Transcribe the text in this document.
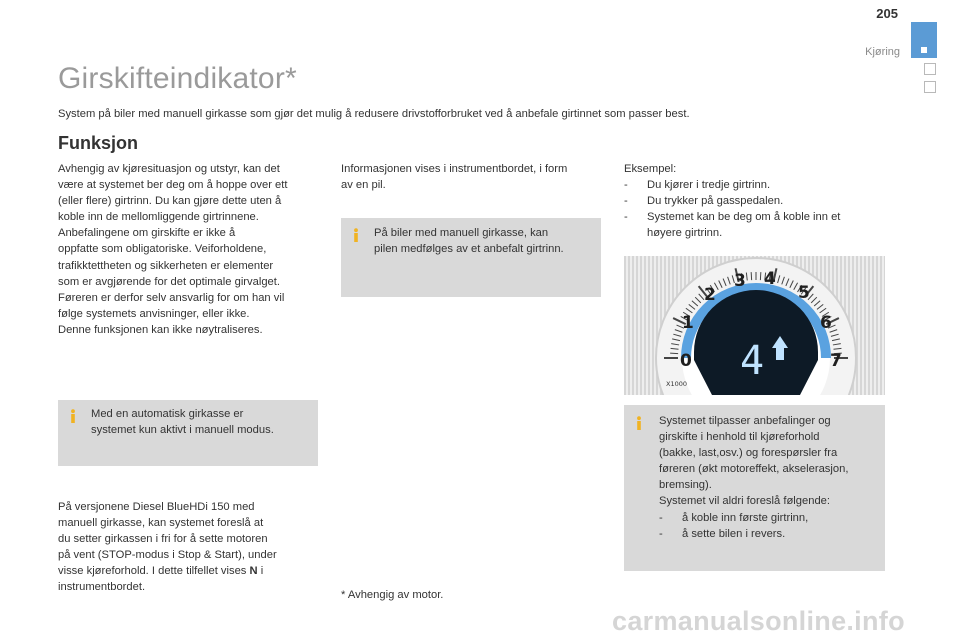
205
Kjøring
Girskifteindikator*
System på biler med manuell girkasse som gjør det mulig å redusere drivstofforbruket ved å anbefale girtinnet som passer best.
Funksjon

Avhengig av kjøresituasjon og utstyr, kan det

være at systemet ber deg om å hoppe over ett

(eller flere) girtrinn. Du kan gjøre dette uten å

koble inn de mellomliggende girtrinnene.

Anbefalingene om girskifte er ikke å

oppfatte som obligatoriske. Veiforholdene,

trafikktettheten og sikkerheten er elementer

som er avgjørende for det optimale girvalget.

Føreren er derfor selv ansvarlig for om han vil

følge systemets anvisninger, eller ikke.

Denne funksjonen kan ikke nøytraliseres.

Med en automatisk girkasse er
systemet kun aktivt i manuell modus.

På versjonene Diesel BlueHDi 150 med

manuell girkasse, kan systemet foreslå at

du setter girkassen i fri for å sette motoren

på vent (STOP-modus i Stop & Start), under

visse kjøreforhold. I dette tilfellet vises N i

instrumentbordet.

Informasjonen vises i instrumentbordet, i form

av en pil.

På biler med manuell girkasse, kan
pilen medfølges av et anbefalt girtrinn.
* Avhengig av motor.

Eksempel:

- Du kjører i tredje girtrinn.
- Du trykker på gasspedalen.
- Systemet kan be deg om å koble inn et høyere girtrinn.
0
1
2
3 4
5
6
7
X1000 4
Systemet tilpasser anbefalinger og
girskifte i henhold til kjøreforhold
(bakke, last,osv.) og forespørsler fra
føreren (økt motoreffekt, akselerasjon,
bremsing).
Systemet vil aldri foreslå følgende:
- å koble inn første girtrinn,
- å sette bilen i revers.
carmanualsonline.info
